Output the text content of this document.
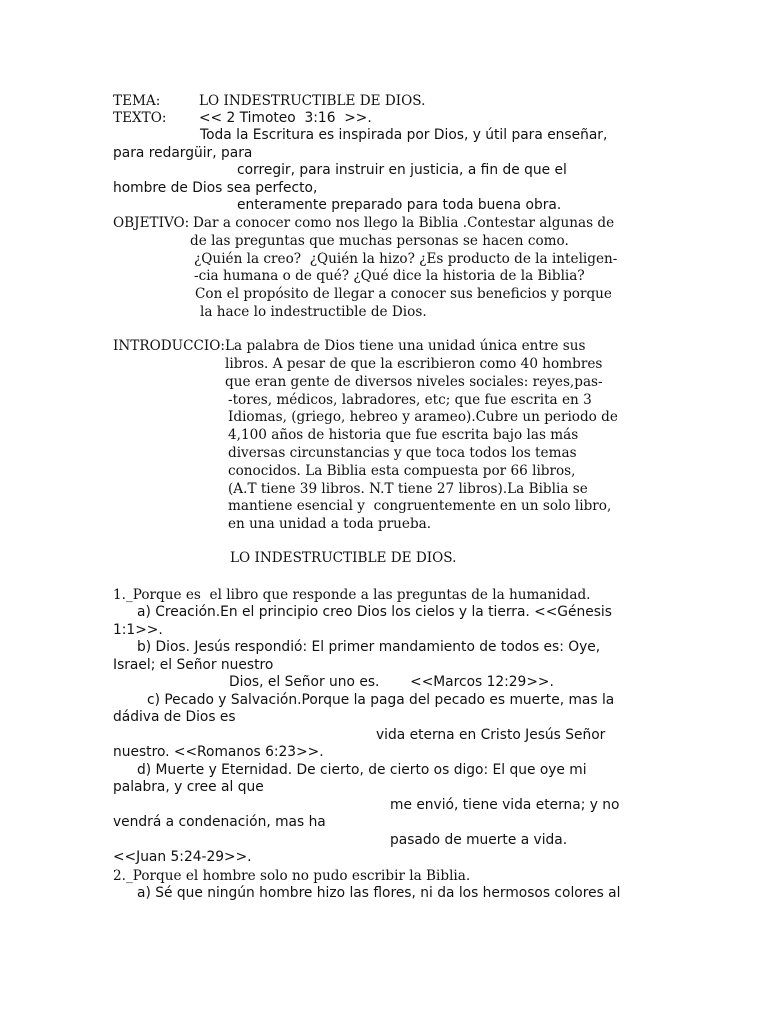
TEMA:
TEXTO:
OBJETIVO:
INTRODUCCIO:
LO INDESTRUCTIBLE DE DIOS.
<< 2 Timoteo  3:16  >>.
Toda la Escritura es inspirada por Dios, y útil para enseñar,
para redargüir, para
corregir, para instruir en justicia, a fin de que el
hombre de Dios sea perfecto,
enteramente preparado para toda buena obra.
Dar a conocer como nos llego la Biblia .Contestar algunas de
de las preguntas que muchas personas se hacen como.
¿Quién la creo?  ¿Quién la hizo? ¿Es producto de la inteligen-
-cia humana o de qué? ¿Qué dice la historia de la Biblia?
Con el propósito de llegar a conocer sus beneficios y porque
la hace lo indestructible de Dios.
La palabra de Dios tiene una unidad única entre sus
libros. A pesar de que la escribieron como 40 hombres
que eran gente de diversos niveles sociales: reyes,pas-
-tores, médicos, labradores, etc; que fue escrita en 3
Idiomas, (griego, hebreo y arameo).Cubre un periodo de
4,100 años de historia que fue escrita bajo las más
diversas circunstancias y que toca todos los temas
conocidos. La Biblia esta compuesta por 66 libros,
(A.T tiene 39 libros. N.T tiene 27 libros).La Biblia se
mantiene esencial y  congruentemente en un solo libro,
en una unidad a toda prueba.
LO INDESTRUCTIBLE DE DIOS.
1._Porque es  el libro que responde a las preguntas de la humanidad.
a) Creación.En el principio creo Dios los cielos y la tierra. <<Génesis
1:1>>.
b) Dios. Jesús respondió: El primer mandamiento de todos es: Oye,
Israel; el Señor nuestro
Dios, el Señor uno es.       <<Marcos 12:29>>.
c) Pecado y Salvación.Porque la paga del pecado es muerte, mas la
dádiva de Dios es
vida eterna en Cristo Jesús Señor
nuestro. <<Romanos 6:23>>.
d) Muerte y Eternidad. De cierto, de cierto os digo: El que oye mi
palabra, y cree al que
me envió, tiene vida eterna; y no
vendrá a condenación, mas ha
pasado de muerte a vida.
<<Juan 5:24-29>>.
2._Porque el hombre solo no pudo escribir la Biblia.
a) Sé que ningún hombre hizo las flores, ni da los hermosos colores al
